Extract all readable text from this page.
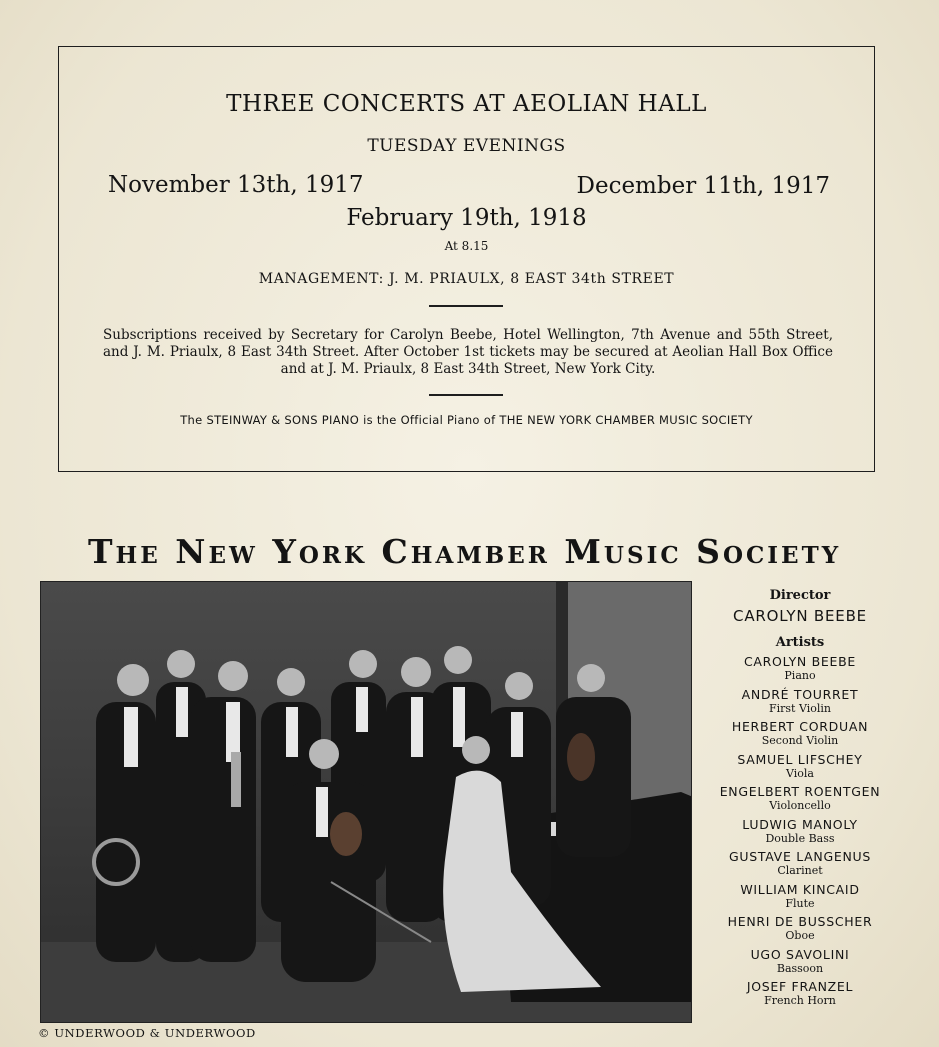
THREE CONCERTS AT AEOLIAN HALL
TUESDAY EVENINGS
November 13th, 1917	December 11th, 1917
February 19th, 1918
At 8.15
MANAGEMENT: J. M. PRIAULX, 8 EAST 34th STREET
Subscriptions received by Secretary for Carolyn Beebe, Hotel Wellington, 7th Avenue and 55th Street, and J. M. Priaulx, 8 East 34th Street. After October 1st tickets may be secured at Aeolian Hall Box Office and at J. M. Priaulx, 8 East 34th Street, New York City.
The STEINWAY & SONS PIANO is the Official Piano of THE NEW YORK CHAMBER MUSIC SOCIETY
The New York Chamber Music Society
© UNDERWOOD & UNDERWOOD
Director
CAROLYN BEEBE
Artists
CAROLYN BEEBE
Piano
ANDRÉ TOURRET
First Violin
HERBERT CORDUAN
Second Violin
SAMUEL LIFSCHEY
Viola
ENGELBERT ROENTGEN
Violoncello
LUDWIG MANOLY
Double Bass
GUSTAVE LANGENUS
Clarinet
WILLIAM KINCAID
Flute
HENRI DE BUSSCHER
Oboe
UGO SAVOLINI
Bassoon
JOSEF FRANZEL
French Horn
